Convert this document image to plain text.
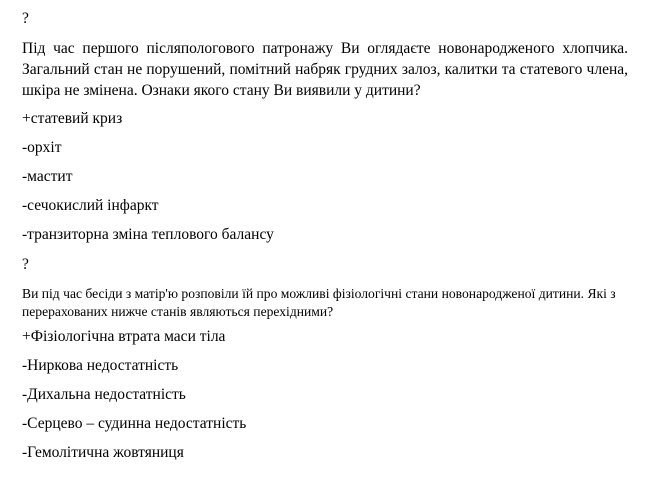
?
Під час першого післяпологового патронажу Ви оглядаєте новонародженого хлопчика. Загальний стан не порушений, помітний набряк грудних залоз, калитки та статевого члена, шкіра не змінена. Ознаки якого стану Ви виявили у дитини?
+статевий криз
-орхіт
-мастит
-сечокислий інфаркт
-транзиторна зміна теплового балансу
?
Ви під час бесіди з матір'ю розповіли їй про можливі фізіологічні стани новонародженої дитини. Які з перерахованих нижче станів являються перехідними?
+Фізіологічна втрата маси тіла
-Ниркова недостатність
-Дихальна недостатність
-Серцево – судинна недостатність
-Гемолітична жовтяниця
